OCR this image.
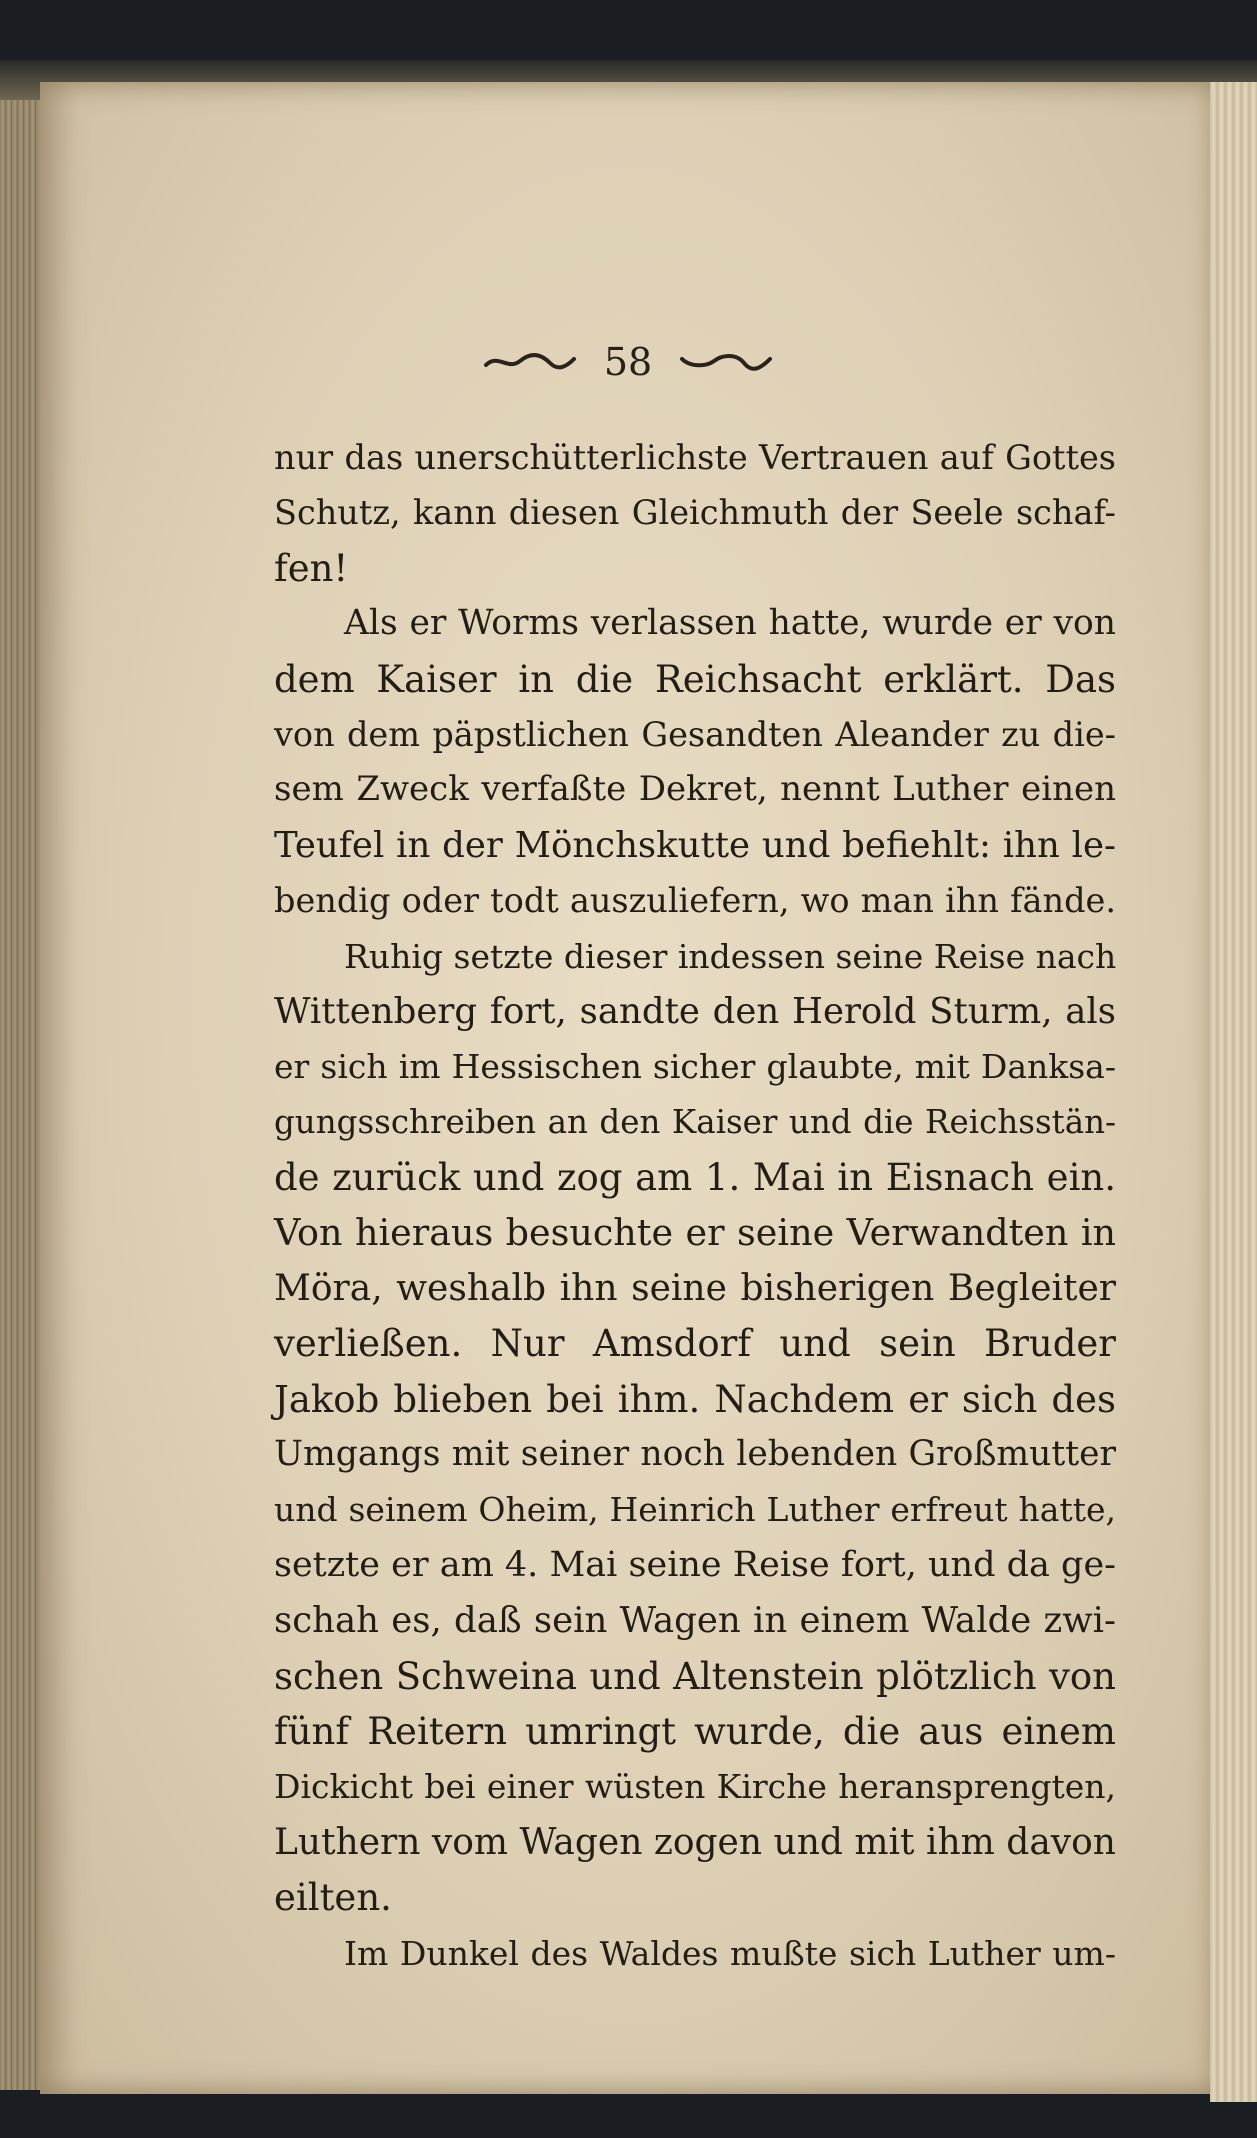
58
nur das unerschütterlichste Vertrauen auf Gottes
Schutz, kann diesen Gleichmuth der Seele schaf-
fen!
Als er Worms verlassen hatte, wurde er von
dem Kaiser in die Reichsacht erklärt. Das
von dem päpstlichen Gesandten Aleander zu die-
sem Zweck verfaßte Dekret, nennt Luther einen
Teufel in der Mönchskutte und befiehlt: ihn le-
bendig oder todt auszuliefern, wo man ihn fände.
Ruhig setzte dieser indessen seine Reise nach
Wittenberg fort, sandte den Herold Sturm, als
er sich im Hessischen sicher glaubte, mit Danksa-
gungsschreiben an den Kaiser und die Reichsstän-
de zurück und zog am 1. Mai in Eisnach ein.
Von hieraus besuchte er seine Verwandten in
Möra, weshalb ihn seine bisherigen Begleiter
verließen. Nur Amsdorf und sein Bruder
Jakob blieben bei ihm. Nachdem er sich des
Umgangs mit seiner noch lebenden Großmutter
und seinem Oheim, Heinrich Luther erfreut hatte,
setzte er am 4. Mai seine Reise fort, und da ge-
schah es, daß sein Wagen in einem Walde zwi-
schen Schweina und Altenstein plötzlich von
fünf Reitern umringt wurde, die aus einem
Dickicht bei einer wüsten Kirche heransprengten,
Luthern vom Wagen zogen und mit ihm davon
eilten.
Im Dunkel des Waldes mußte sich Luther um-
